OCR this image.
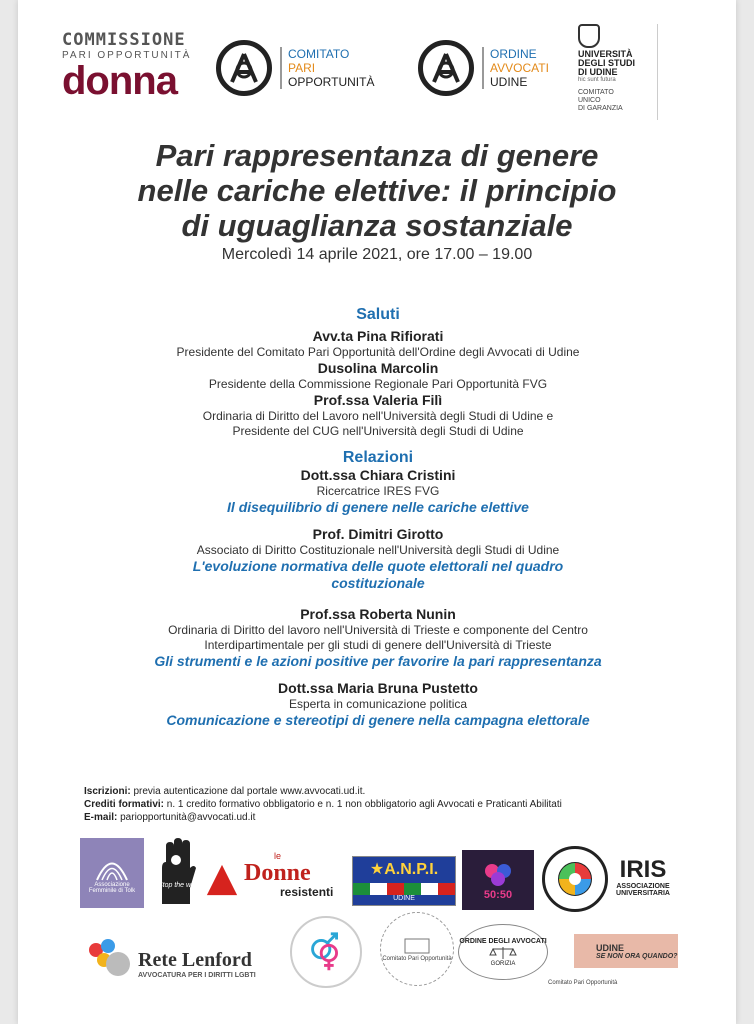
COMMISSIONE
PARI OPPORTUNITÀ
donna
COMITATO
PARI
OPPORTUNITÀ
ORDINE
AVVOCATI
UDINE
UNIVERSITÀ
DEGLI STUDI
DI UDINE
hic sunt futura
COMITATO
UNICO
DI GARANZIA
Pari rappresentanza di genere
nelle cariche elettive: il principio
di uguaglianza sostanziale
Mercoledì 14 aprile 2021, ore 17.00 – 19.00
Saluti
Avv.ta Pina Rifiorati
Presidente del Comitato Pari Opportunità dell'Ordine degli Avvocati di Udine
Dusolina Marcolin
Presidente della Commissione Regionale Pari Opportunità FVG
Prof.ssa Valeria Filì
Ordinaria di Diritto del Lavoro nell'Università degli Studi di Udine e
Presidente del CUG nell'Università degli Studi di Udine
Relazioni
Dott.ssa Chiara Cristini
Ricercatrice IRES FVG
Il disequilibrio di genere nelle cariche elettive
Prof. Dimitri Girotto
Associato di Diritto Costituzionale nell'Università degli Studi di Udine
L'evoluzione normativa delle quote elettorali nel quadro
costituzionale
Prof.ssa Roberta Nunin
Ordinaria di Diritto del lavoro nell'Università di Trieste e componente del Centro
Interdipartimentale per gli studi di genere dell'Università di Trieste
Gli strumenti e le azioni positive per favorire la pari rappresentanza
Dott.ssa Maria Bruna Pustetto
Esperta in comunicazione politica
Comunicazione e stereotipi di genere nella campagna elettorale
Iscrizioni: previa autenticazione dal portale www.avvocati.ud.it.
Crediti formativi: n. 1 credito formativo obbligatorio e n. 1 non obbligatorio agli Avvocati e Praticanti Abilitati
E-mail: pariopportunità@avvocati.ud.it
Associazione Femminile di Tolk
Stop the war
le
Donne
resistenti
★A.N.P.I.
UDINE	50:50
IRIS
ASSOCIAZIONE
UNIVERSITARIA
Rete Lenford
AVVOCATURA PER I DIRITTI LGBTI
Comitato Pari Opportunità
ORDINE DEGLI AVVOCATI
GORIZIA
UDINE
SE NON ORA QUANDO?
Comitato Pari Opportunità
